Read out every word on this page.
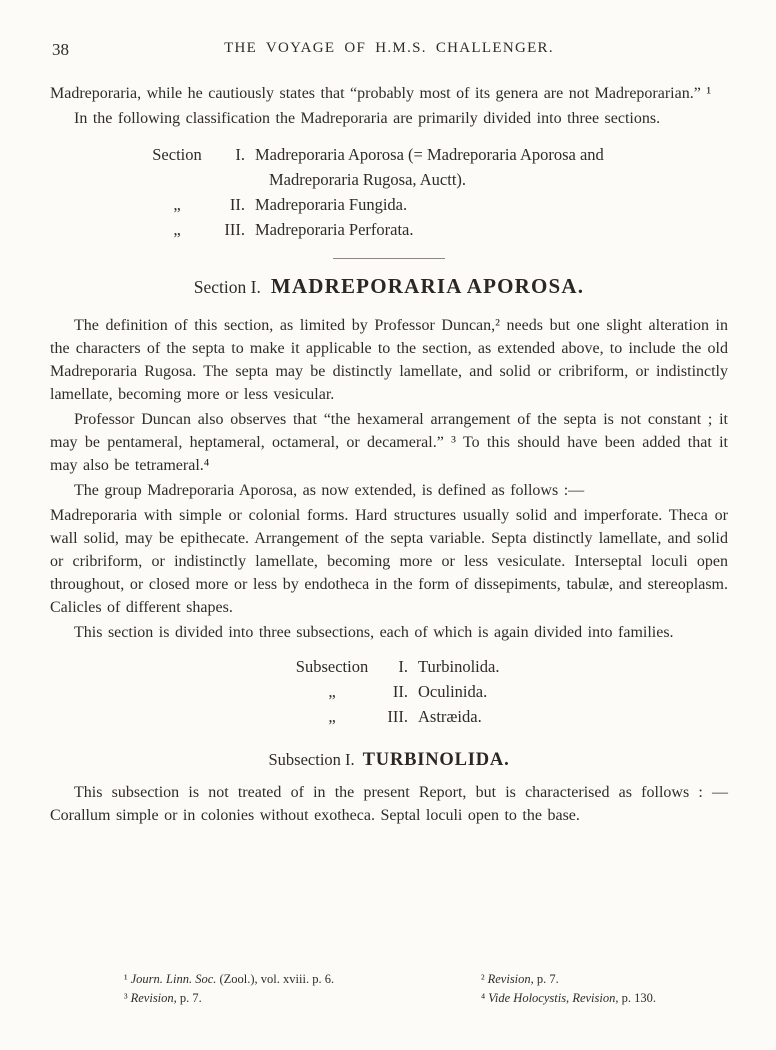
38	THE VOYAGE OF H.M.S. CHALLENGER.

Madreporaria, while he cautiously states that “probably most of its genera are not Madreporarian.” ¹

In the following classification the Madreporaria are primarily divided into three sections.

Section	I. Madreporaria Aporosa (= Madreporaria Aporosa and
Madreporaria Rugosa, Auctt).
„	II. Madreporaria Fungida.
„	III. Madreporaria Perforata.
Section I. MADREPORARIA APOROSA.

The definition of this section, as limited by Professor Duncan,² needs but one slight alteration in the characters of the septa to make it applicable to the section, as extended above, to include the old Madreporaria Rugosa. The septa may be distinctly lamellate, and solid or cribriform, or indistinctly lamellate, becoming more or less vesicular.

Professor Duncan also observes that “the hexameral arrangement of the septa is not constant ; it may be pentameral, heptameral, octameral, or decameral.” ³ To this should have been added that it may also be tetrameral.⁴

The group Madreporaria Aporosa, as now extended, is defined as follows :—

Madreporaria with simple or colonial forms. Hard structures usually solid and imperforate. Theca or wall solid, may be epithecate. Arrangement of the septa variable. Septa distinctly lamellate, and solid or cribriform, or indistinctly lamellate, becoming more or less vesiculate. Interseptal loculi open throughout, or closed more or less by endotheca in the form of dissepiments, tabulæ, and stereoplasm. Calicles of different shapes.

This section is divided into three subsections, each of which is again divided into families.

Subsection	I. Turbinolida.
„	II. Oculinida.
„	III. Astræida.
Subsection I. TURBINOLIDA.

This subsection is not treated of in the present Report, but is characterised as follows : —Corallum simple or in colonies without exotheca. Septal loculi open to the base.

¹ Journ. Linn. Soc. (Zool.), vol. xviii. p. 6.

³ Revision, p. 7.

² Revision, p. 7.

⁴ Vide Holocystis, Revision, p. 130.
